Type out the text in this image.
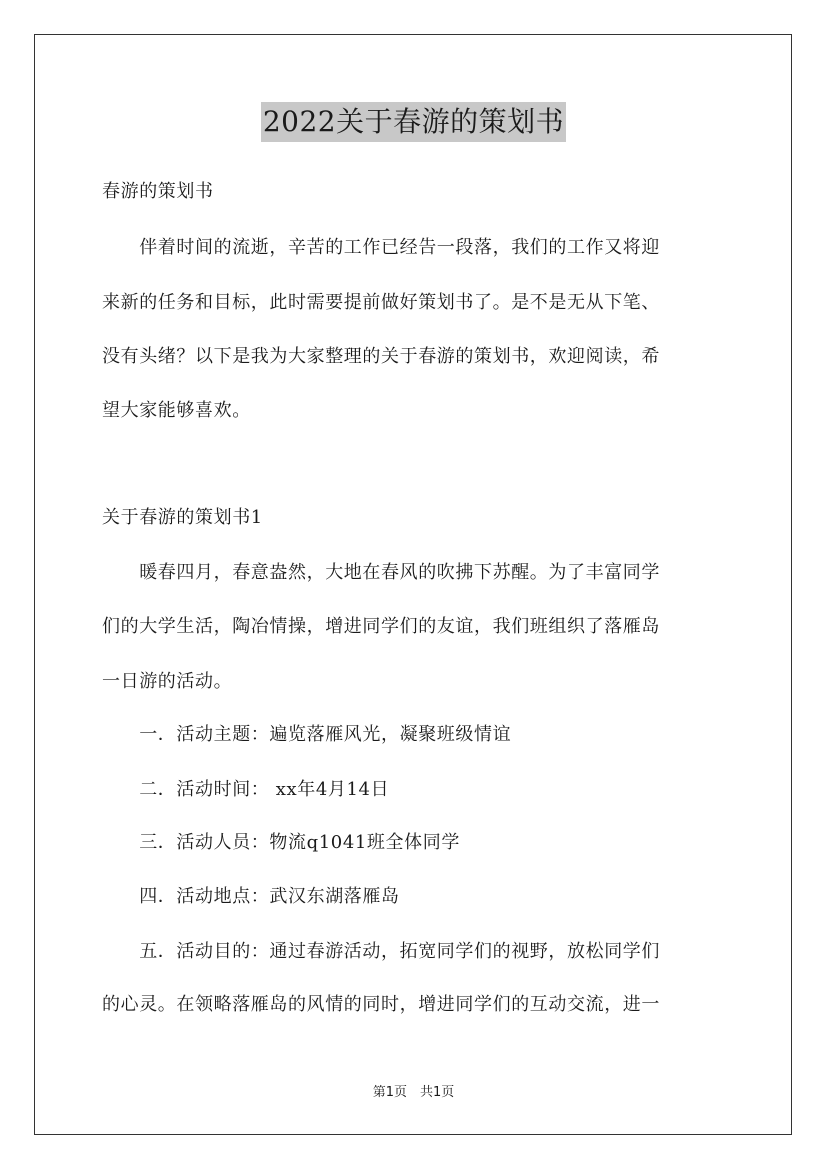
2022关于春游的策划书
春游的策划书
　　伴着时间的流逝，辛苦的工作已经告一段落，我们的工作又将迎
来新的任务和目标，此时需要提前做好策划书了。是不是无从下笔、
没有头绪？以下是我为大家整理的关于春游的策划书，欢迎阅读，希
望大家能够喜欢。
关于春游的策划书1
　　暖春四月，春意盎然，大地在春风的吹拂下苏醒。为了丰富同学
们的大学生活，陶冶情操，增进同学们的友谊，我们班组织了落雁岛
一日游的活动。
　　一．活动主题：遍览落雁风光，凝聚班级情谊
　　二．活动时间： xx年4月14日
　　三．活动人员：物流q1041班全体同学
　　四．活动地点：武汉东湖落雁岛
　　五．活动目的：通过春游活动，拓宽同学们的视野，放松同学们
的心灵。在领略落雁岛的风情的同时，增进同学们的互动交流，进一
第1页　共1页
